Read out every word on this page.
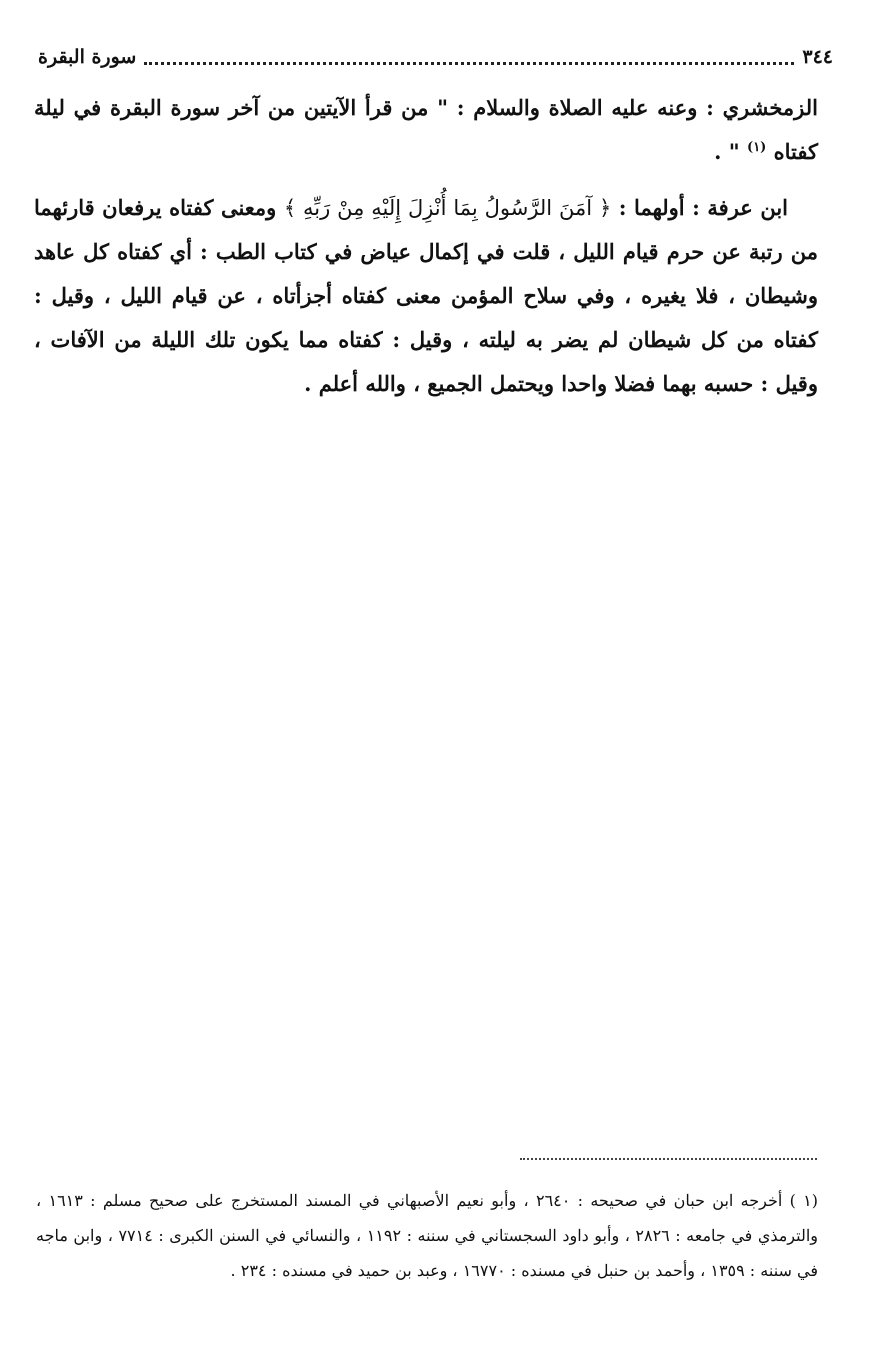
٣٤٤
سورة البقرة

الزمخشري : وعنه عليه الصلاة والسلام : " من قرأ الآيتين من آخر سورة البقرة في ليلة كفتاه $^{(١)}$ " .

ابن عرفة : أولهما : ﴿ آمَنَ الرَّسُولُ بِمَا أُنْزِلَ إِلَيْهِ مِنْ رَبِّهِ ﴾ ومعنى كفتاه يرفعان قارئهما من رتبة عن حرم قيام الليل ، قلت في إكمال عياض في كتاب الطب : أي كفتاه كل عاهد وشيطان ، فلا يغيره ، وفي سلاح المؤمن معنى كفتاه أجزأتاه ، عن قيام الليل ، وقيل : كفتاه من كل شيطان لم يضر به ليلته ، وقيل : كفتاه مما يكون تلك الليلة من الآفات ، وقيل : حسبه بهما فضلا واحدا ويحتمل الجميع ، والله أعلم .

(١ ) أخرجه ابن حبان في صحيحه : ٢٦٤٠ ، وأبو نعيم الأصبهاني في المسند المستخرج على صحيح مسلم : ١٦١٣ ، والترمذي في جامعه : ٢٨٢٦ ، وأبو داود السجستاني في سننه : ١١٩٢ ، والنسائي في السنن الكبرى : ٧٧١٤ ، وابن ماجه في سننه : ١٣٥٩ ، وأحمد بن حنبل في مسنده : ١٦٧٧٠ ، وعبد بن حميد في مسنده : ٢٣٤ .
